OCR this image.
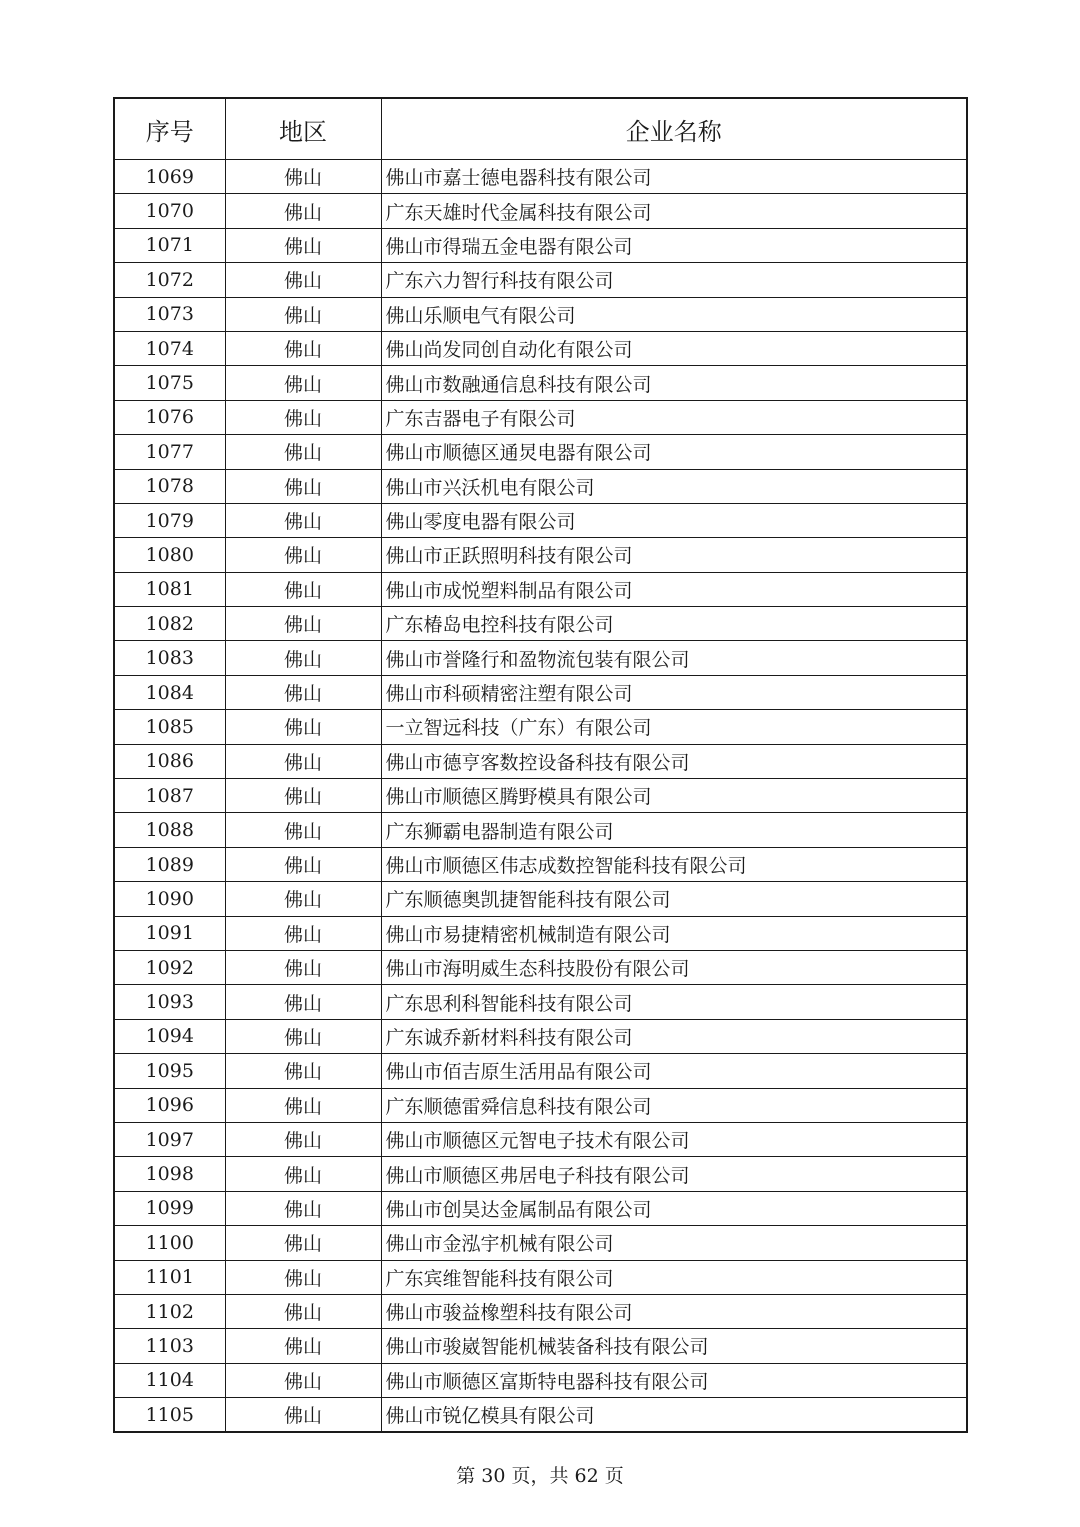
序号	地区	企业名称
1069	佛山	佛山市嘉士德电器科技有限公司
1070	佛山	广东天雄时代金属科技有限公司
1071	佛山	佛山市得瑞五金电器有限公司
1072	佛山	广东六力智行科技有限公司
1073	佛山	佛山乐顺电气有限公司
1074	佛山	佛山尚发同创自动化有限公司
1075	佛山	佛山市数融通信息科技有限公司
1076	佛山	广东吉器电子有限公司
1077	佛山	佛山市顺德区通炅电器有限公司
1078	佛山	佛山市兴沃机电有限公司
1079	佛山	佛山零度电器有限公司
1080	佛山	佛山市正跃照明科技有限公司
1081	佛山	佛山市成悦塑料制品有限公司
1082	佛山	广东椿岛电控科技有限公司
1083	佛山	佛山市誉隆行和盈物流包装有限公司
1084	佛山	佛山市科硕精密注塑有限公司
1085	佛山	一立智远科技（广东）有限公司
1086	佛山	佛山市德亨客数控设备科技有限公司
1087	佛山	佛山市顺德区腾野模具有限公司
1088	佛山	广东狮霸电器制造有限公司
1089	佛山	佛山市顺德区伟志成数控智能科技有限公司
1090	佛山	广东顺德奥凯捷智能科技有限公司
1091	佛山	佛山市易捷精密机械制造有限公司
1092	佛山	佛山市海明威生态科技股份有限公司
1093	佛山	广东思利科智能科技有限公司
1094	佛山	广东诚乔新材料科技有限公司
1095	佛山	佛山市佰吉原生活用品有限公司
1096	佛山	广东顺德雷舜信息科技有限公司
1097	佛山	佛山市顺德区元智电子技术有限公司
1098	佛山	佛山市顺德区弗居电子科技有限公司
1099	佛山	佛山市创昊达金属制品有限公司
1100	佛山	佛山市金泓宇机械有限公司
1101	佛山	广东宾维智能科技有限公司
1102	佛山	佛山市骏益橡塑科技有限公司
1103	佛山	佛山市骏崴智能机械装备科技有限公司
1104	佛山	佛山市顺德区富斯特电器科技有限公司
1105	佛山	佛山市锐亿模具有限公司
第 30 页，共 62 页
